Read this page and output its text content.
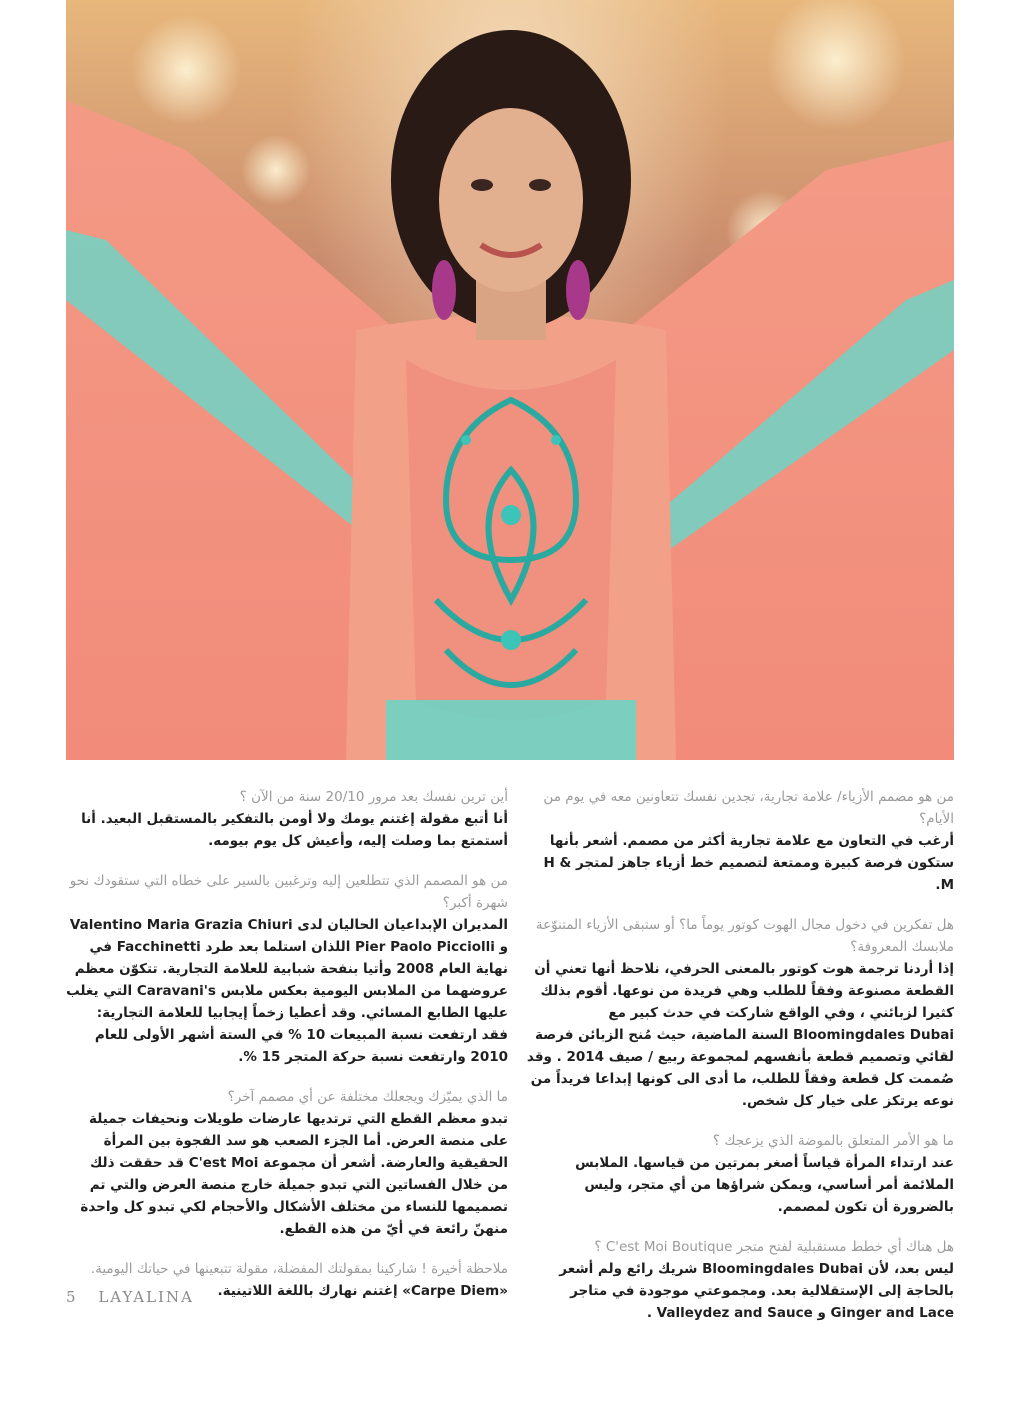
من هو مصمم الأزياء/ علامة تجارية، تجدين نفسك تتعاونين معه في يوم من الأيام؟

أرغب في التعاون مع علامة تجارية أكثر من مصمم. أشعر بأنها ستكون فرصة كبيرة وممتعة لتصميم خط أزياء جاهز لمتجر H & M.

هل تفكرين في دخول مجال الهوت كوتور يوماً ما؟ أو ستبقى الأزياء المتنوّعة ملابسك المعروفة؟

إذا أردنا ترجمة هوت كوتور بالمعنى الحرفي، نلاحظ أنها تعني أن القطعة مصنوعة وفقاً للطلب وهي فريدة من نوعها. أقوم بذلك كثيرا لزبائني ، وفي الواقع شاركت في حدث كبير مع Bloomingdales Dubai السنة الماضية، حيث مُنح الزبائن فرصة لقائي وتصميم قطعة بأنفسهم لمجموعة ربيع / صيف 2014 . وقد صُممت كل قطعة وفقاً للطلب، ما أدى الى كونها إبداعا فريداً من نوعه يرتكز على خيار كل شخص.

ما هو الأمر المتعلق بالموضة الذي يزعجك ؟

عند ارتداء المرأة قياساً أصغر بمرتين من قياسها. الملابس الملائمة أمر أساسي، ويمكن شراؤها من أي متجر، وليس بالضرورة أن تكون لمصمم.

هل هناك أي خطط مستقبلية لفتح متجر C'est Moi Boutique ؟

ليس بعد، لأن Bloomingdales Dubai شريك رائع ولم أشعر بالحاجة إلى الإستقلالية بعد. ومجموعتي موجودة في متاجر Ginger and Lace و Valleydez and Sauce .

أين ترين نفسك بعد مرور 20/10 سنة من الآن ؟

أنا أتبع مقولة إغتنم يومك ولا أومن بالتفكير بالمستقبل البعيد. أنا أستمتع بما وصلت إليه، وأعيش كل يوم بيومه.

من هو المصمم الذي تتطلعين إليه وترغبين بالسير على خطاه التي ستقودك نحو شهرة أكبر؟

المديران الإبداعيان الحاليان لدى Valentino Maria Grazia Chiuri و Pier Paolo Picciolli اللذان استلما بعد طرد Facchinetti في نهاية العام 2008 وأتيا بنفحة شبابية للعلامة التجارية. تتكوّن معظم عروضهما من الملابس اليومية بعكس ملابس Caravani's التي يغلب عليها الطابع المسائي. وقد أعطيا زخماً إيجابيا للعلامة التجارية: فقد ارتفعت نسبة المبيعات 10 % في الستة أشهر الأولى للعام 2010 وارتفعت نسبة حركة المتجر 15 %.

ما الذي يميّزك ويجعلك مختلفة عن أي مصمم آخر؟

تبدو معظم القطع التي ترتديها عارضات طويلات ونحيفات جميلة على منصة العرض. أما الجزء الصعب هو سد الفجوة بين المرأة الحقيقية والعارضة. أشعر أن مجموعة C'est Moi قد حققت ذلك من خلال الفساتين التي تبدو جميلة خارج منصة العرض والتي تم تصميمها للنساء من مختلف الأشكال والأحجام لكي تبدو كل واحدة منهنّ رائعة في أيّ من هذه القطع.

ملاحظة أخيرة ! شاركينا بمقولتك المفضلة، مقولة تتبعينها في حياتك اليومية.

«Carpe Diem» إغتنم نهارك باللغة اللاتينية.

5 LAYALINA
